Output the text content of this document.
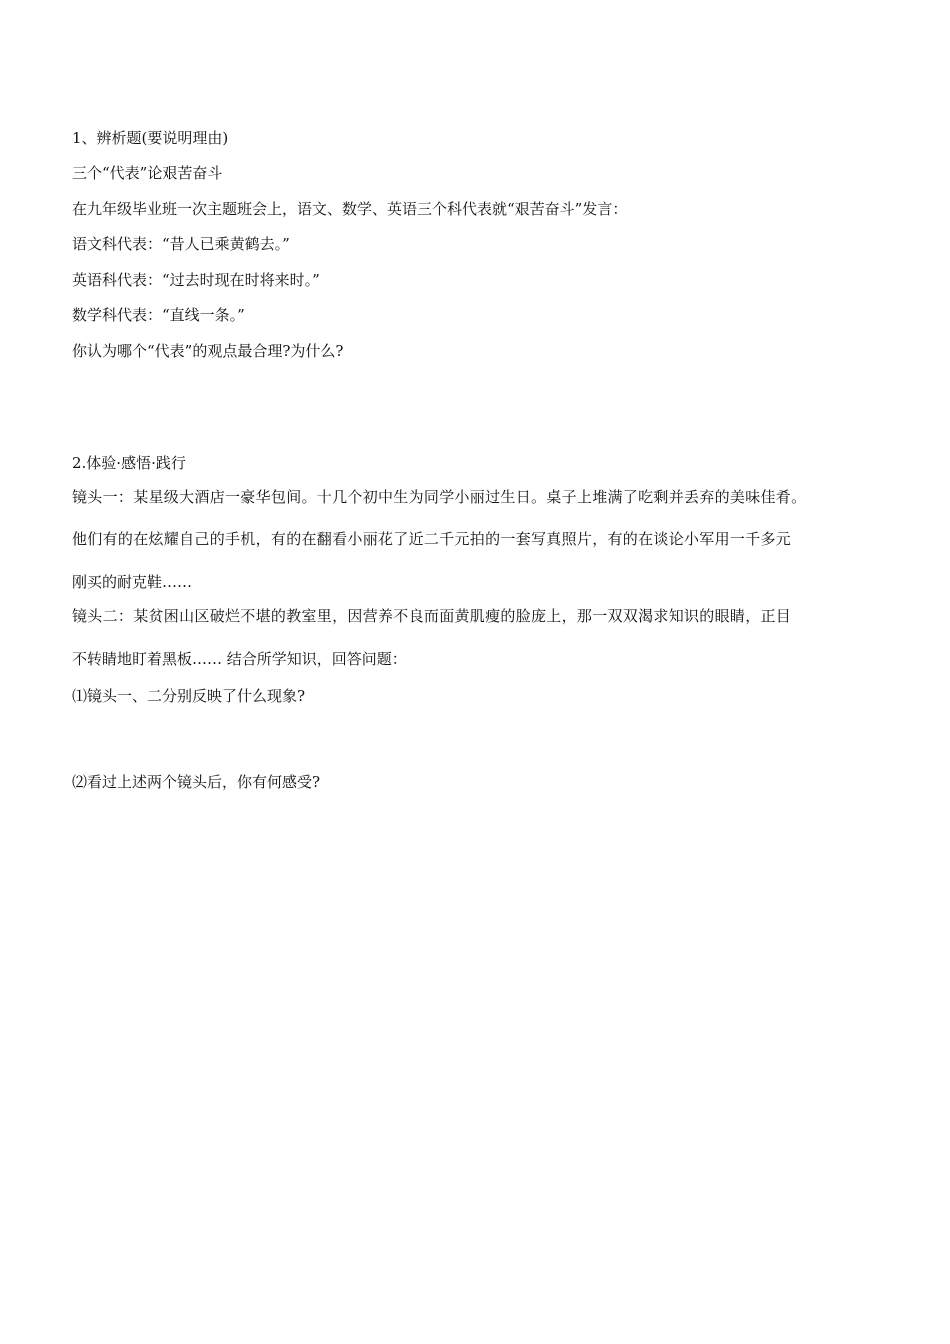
1、辨析题(要说明理由)
三个“代表”论艰苦奋斗
在九年级毕业班一次主题班会上，语文、数学、英语三个科代表就“艰苦奋斗”发言：
语文科代表：“昔人已乘黄鹤去。”
英语科代表：“过去时现在时将来时。”
数学科代表：“直线一条。”
你认为哪个“代表”的观点最合理?为什么?
2.体验·感悟·践行
镜头一：某星级大酒店一豪华包间。十几个初中生为同学小丽过生日。桌子上堆满了吃剩并丢弃的美味佳肴。
他们有的在炫耀自己的手机，有的在翻看小丽花了近二千元拍的一套写真照片，有的在谈论小军用一千多元
刚买的耐克鞋……
镜头二：某贫困山区破烂不堪的教室里，因营养不良而面黄肌瘦的脸庞上，那一双双渴求知识的眼睛，正目
不转睛地盯着黑板…… 结合所学知识，回答问题：
⑴镜头一、二分别反映了什么现象?
⑵看过上述两个镜头后，你有何感受?
